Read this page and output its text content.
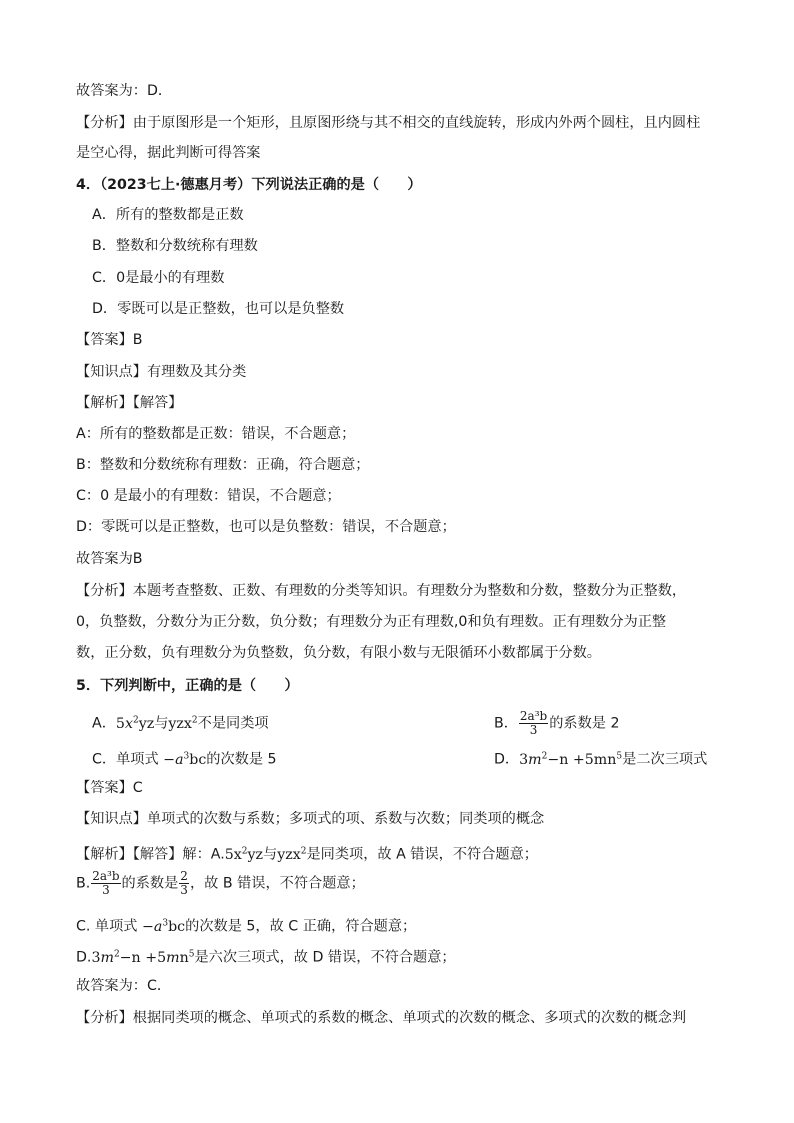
故答案为：D．
【分析】由于原图形是一个矩形，且原图形绕与其不相交的直线旋转，形成内外两个圆柱，且内圆柱
是空心得，据此判断可得答案
4．（2023七上·德惠月考）下列说法正确的是（　　）
A．所有的整数都是正数
B．整数和分数统称有理数
C．0是最小的有理数
D．零既可以是正整数，也可以是负整数
【答案】B
【知识点】有理数及其分类
【解析】【解答】
A：所有的整数都是正数：错误，不合题意；
B：整数和分数统称有理数：正确，符合题意；
C：0 是最小的有理数：错误，不合题意；
D：零既可以是正整数，也可以是负整数：错误，不合题意；
故答案为B
【分析】本题考查整数、正数、有理数的分类等知识。有理数分为整数和分数，整数分为正整数，
0，负整数，分数分为正分数，负分数；有理数分为正有理数,0和负有理数。正有理数分为正整
数，正分数，负有理数分为负整数，负分数，有限小数与无限循环小数都属于分数。
5．下列判断中，正确的是（　　）
A．$5x^2yz$与yzx$^2$不是同类项	B． $\frac{\text{2a³b}}{3}$ 的系数是 2
C．单项式 $-a^3bc$的次数是 5	D．$3m^2-n +5mn^5$是二次三项式
【答案】C
【知识点】单项式的次数与系数；多项式的项、系数与次数；同类项的概念
【解析】【解答】解：$A.5x^2yz$与yzx$^2$是同类项，故 A 错误，不符合题意；
B. $\frac{\text{2a³b}}{3}$ 的系数是 $\frac{2}{3}$ ，故 B 错误，不符合题意；
C. 单项式 $-a^3bc$的次数是 5，故 C 正确，符合题意；
$D.3m^2-n +5mn^5$是六次三项式，故 D 错误，不符合题意；
故答案为：C．
【分析】根据同类项的概念、单项式的系数的概念、单项式的次数的概念、多项式的次数的概念判
